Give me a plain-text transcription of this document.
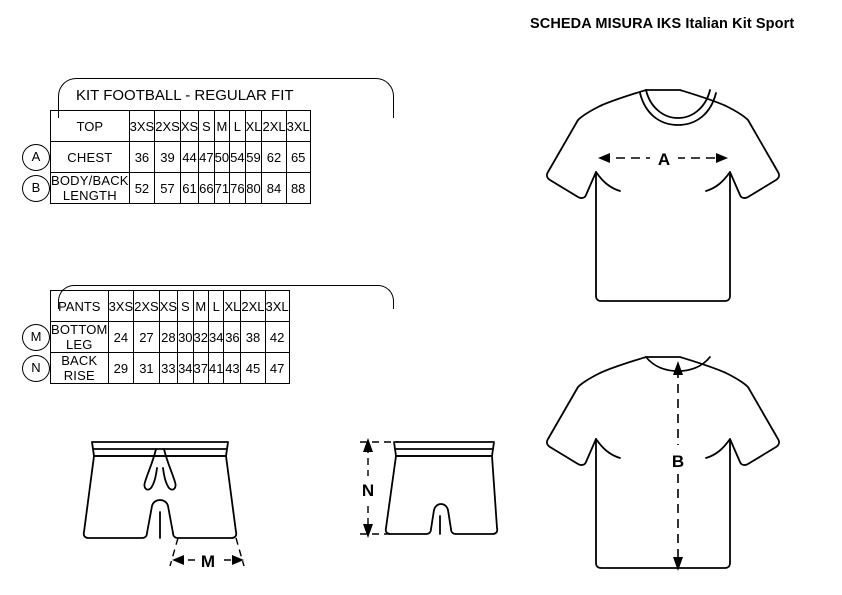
SCHEDA MISURA IKS Italian Kit Sport
KIT FOOTBALL - REGULAR FIT
	TOP	3XS	2XS	XS	S	M	L	XL	2XL	3XL

A	CHEST	36	39	44	47	50	54	59	62	65

B	BODY/BACK LENGTH	52	57	61	66	71	76	80	84	88
	PANTS	3XS	2XS	XS	S	M	L	XL	2XL	3XL

M	BOTTOM LEG	24	27	28	30	32	34	36	38	42

N	BACK RISE	29	31	33	34	37	41	43	45	47
A
B
M
N
